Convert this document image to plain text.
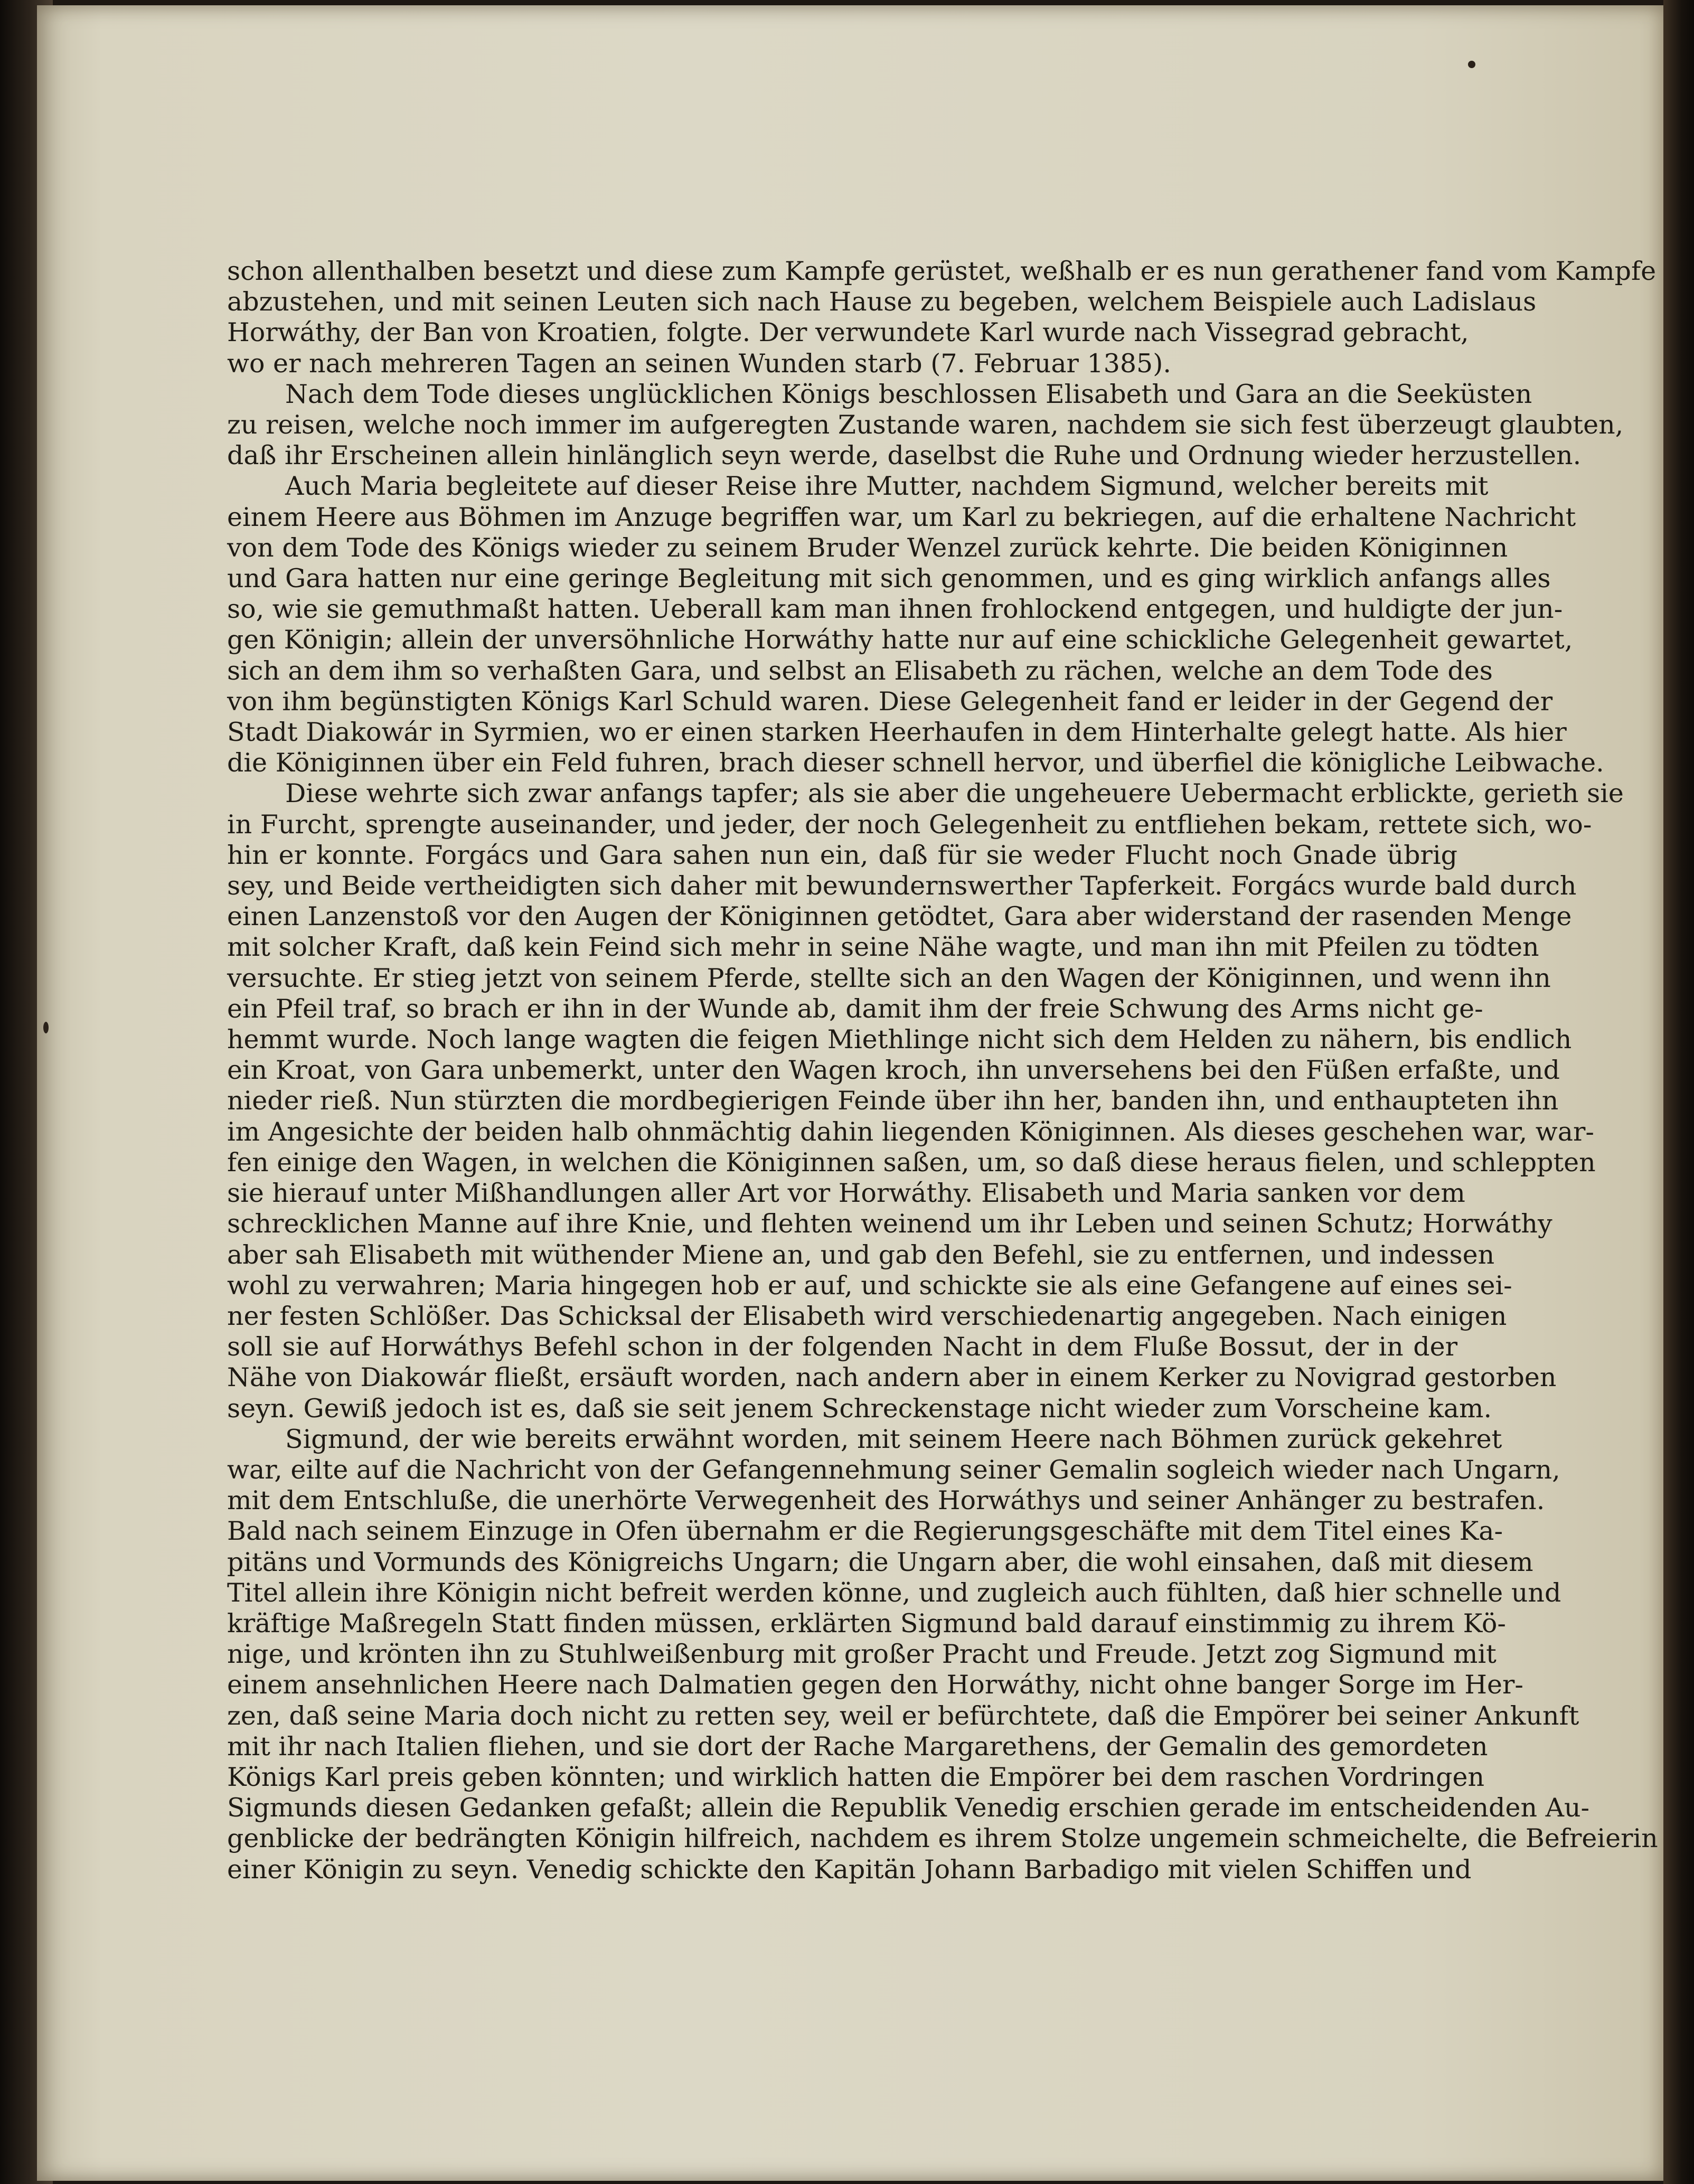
schon allenthalben besetzt und diese zum Kampfe gerüstet, weßhalb er es nun gerathener fand vom Kampfe
abzustehen, und mit seinen Leuten sich nach Hause zu begeben, welchem Beispiele auch Ladislaus
Horwáthy, der Ban von Kroatien, folgte. Der verwundete Karl wurde nach Vissegrad gebracht,
wo er nach mehreren Tagen an seinen Wunden starb (7. Februar 1385).
Nach dem Tode dieses unglücklichen Königs beschlossen Elisabeth und Gara an die Seeküsten
zu reisen, welche noch immer im aufgeregten Zustande waren, nachdem sie sich fest überzeugt glaubten,
daß ihr Erscheinen allein hinlänglich seyn werde, daselbst die Ruhe und Ordnung wieder herzustellen.
Auch Maria begleitete auf dieser Reise ihre Mutter, nachdem Sigmund, welcher bereits mit
einem Heere aus Böhmen im Anzuge begriffen war, um Karl zu bekriegen, auf die erhaltene Nachricht
von dem Tode des Königs wieder zu seinem Bruder Wenzel zurück kehrte. Die beiden Königinnen
und Gara hatten nur eine geringe Begleitung mit sich genommen, und es ging wirklich anfangs alles
so, wie sie gemuthmaßt hatten. Ueberall kam man ihnen frohlockend entgegen, und huldigte der jun-
gen Königin; allein der unversöhnliche Horwáthy hatte nur auf eine schickliche Gelegenheit gewartet,
sich an dem ihm so verhaßten Gara, und selbst an Elisabeth zu rächen, welche an dem Tode des
von ihm begünstigten Königs Karl Schuld waren. Diese Gelegenheit fand er leider in der Gegend der
Stadt Diakowár in Syrmien, wo er einen starken Heerhaufen in dem Hinterhalte gelegt hatte. Als hier
die Königinnen über ein Feld fuhren, brach dieser schnell hervor, und überfiel die königliche Leibwache.
Diese wehrte sich zwar anfangs tapfer; als sie aber die ungeheuere Uebermacht erblickte, gerieth sie
in Furcht, sprengte auseinander, und jeder, der noch Gelegenheit zu entfliehen bekam, rettete sich, wo-
hin er konnte. Forgács und Gara sahen nun ein, daß für sie weder Flucht noch Gnade übrig
sey, und Beide vertheidigten sich daher mit bewundernswerther Tapferkeit. Forgács wurde bald durch
einen Lanzenstoß vor den Augen der Königinnen getödtet, Gara aber widerstand der rasenden Menge
mit solcher Kraft, daß kein Feind sich mehr in seine Nähe wagte, und man ihn mit Pfeilen zu tödten
versuchte. Er stieg jetzt von seinem Pferde, stellte sich an den Wagen der Königinnen, und wenn ihn
ein Pfeil traf, so brach er ihn in der Wunde ab, damit ihm der freie Schwung des Arms nicht ge-
hemmt wurde. Noch lange wagten die feigen Miethlinge nicht sich dem Helden zu nähern, bis endlich
ein Kroat, von Gara unbemerkt, unter den Wagen kroch, ihn unversehens bei den Füßen erfaßte, und
nieder rieß. Nun stürzten die mordbegierigen Feinde über ihn her, banden ihn, und enthaupteten ihn
im Angesichte der beiden halb ohnmächtig dahin liegenden Königinnen. Als dieses geschehen war, war-
fen einige den Wagen, in welchen die Königinnen saßen, um, so daß diese heraus fielen, und schleppten
sie hierauf unter Mißhandlungen aller Art vor Horwáthy. Elisabeth und Maria sanken vor dem
schrecklichen Manne auf ihre Knie, und flehten weinend um ihr Leben und seinen Schutz; Horwáthy
aber sah Elisabeth mit wüthender Miene an, und gab den Befehl, sie zu entfernen, und indessen
wohl zu verwahren; Maria hingegen hob er auf, und schickte sie als eine Gefangene auf eines sei-
ner festen Schlößer. Das Schicksal der Elisabeth wird verschiedenartig angegeben. Nach einigen
soll sie auf Horwáthys Befehl schon in der folgenden Nacht in dem Fluße Bossut, der in der
Nähe von Diakowár fließt, ersäuft worden, nach andern aber in einem Kerker zu Novigrad gestorben
seyn. Gewiß jedoch ist es, daß sie seit jenem Schreckenstage nicht wieder zum Vorscheine kam.
Sigmund, der wie bereits erwähnt worden, mit seinem Heere nach Böhmen zurück gekehret
war, eilte auf die Nachricht von der Gefangennehmung seiner Gemalin sogleich wieder nach Ungarn,
mit dem Entschluße, die unerhörte Verwegenheit des Horwáthys und seiner Anhänger zu bestrafen.
Bald nach seinem Einzuge in Ofen übernahm er die Regierungsgeschäfte mit dem Titel eines Ka-
pitäns und Vormunds des Königreichs Ungarn; die Ungarn aber, die wohl einsahen, daß mit diesem
Titel allein ihre Königin nicht befreit werden könne, und zugleich auch fühlten, daß hier schnelle und
kräftige Maßregeln Statt finden müssen, erklärten Sigmund bald darauf einstimmig zu ihrem Kö-
nige, und krönten ihn zu Stuhlweißenburg mit großer Pracht und Freude. Jetzt zog Sigmund mit
einem ansehnlichen Heere nach Dalmatien gegen den Horwáthy, nicht ohne banger Sorge im Her-
zen, daß seine Maria doch nicht zu retten sey, weil er befürchtete, daß die Empörer bei seiner Ankunft
mit ihr nach Italien fliehen, und sie dort der Rache Margarethens, der Gemalin des gemordeten
Königs Karl preis geben könnten; und wirklich hatten die Empörer bei dem raschen Vordringen
Sigmunds diesen Gedanken gefaßt; allein die Republik Venedig erschien gerade im entscheidenden Au-
genblicke der bedrängten Königin hilfreich, nachdem es ihrem Stolze ungemein schmeichelte, die Befreierin
einer Königin zu seyn. Venedig schickte den Kapitän Johann Barbadigo mit vielen Schiffen und
